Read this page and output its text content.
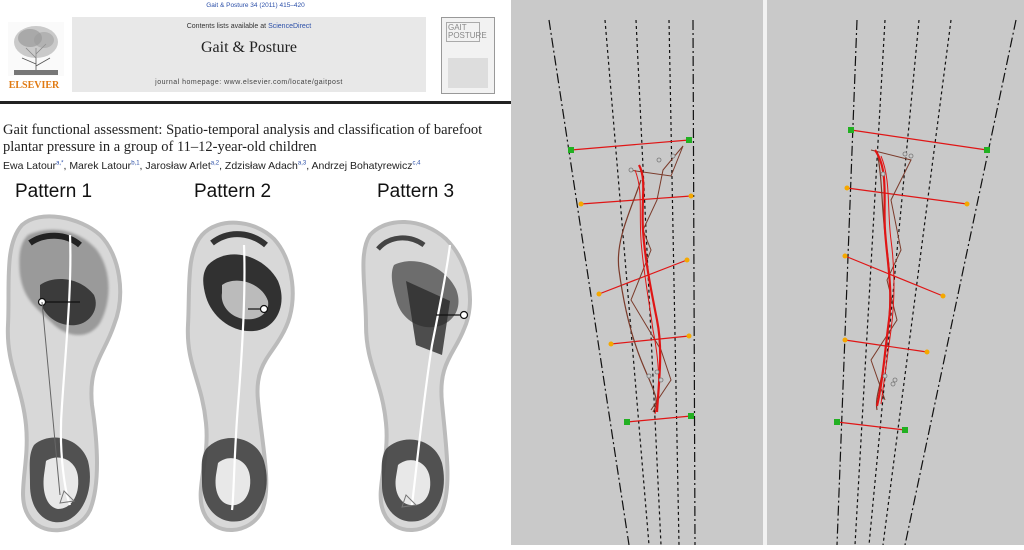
Gait & Posture 34 (2011) 415–420
ELSEVIER
Contents lists available at ScienceDirect
Gait & Posture
journal homepage: www.elsevier.com/locate/gaitpost
GAIT POSTURE
Gait functional assessment: Spatio-temporal analysis and classification of barefoot plantar pressure in a group of 11–12-year-old children
Ewa Latour$^{a,*}$, Marek Latour$^{b,1}$, Jarosław Arlet$^{a,2}$, Zdzisław Adach$^{a,3}$, Andrzej Bohatyrewicz$^{c,4}$
Pattern 1	Pattern 2	Pattern 3
